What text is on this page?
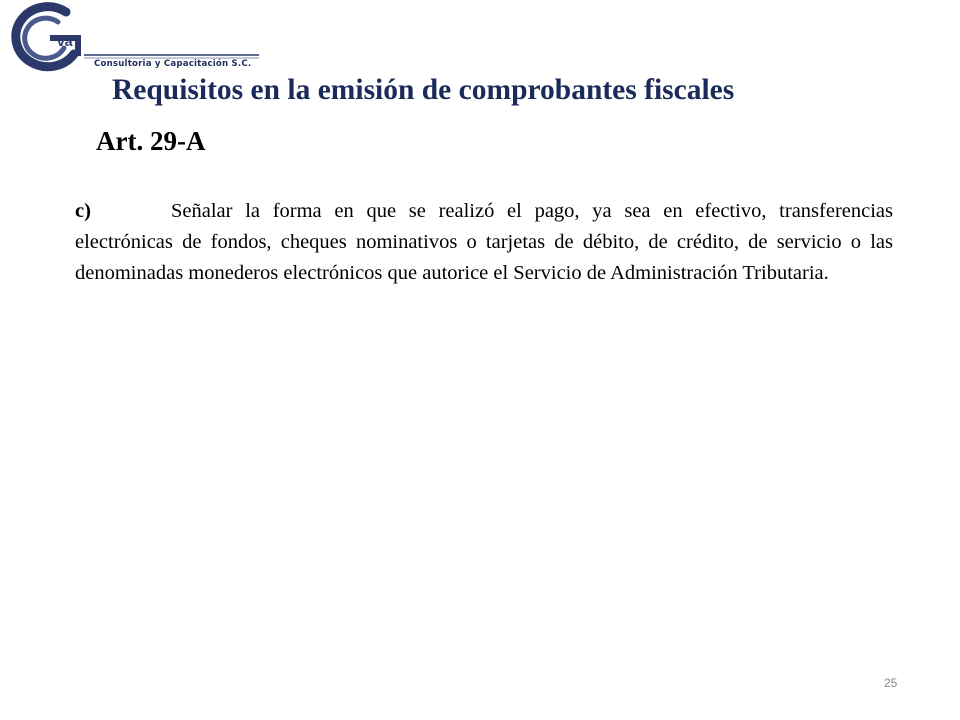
va
Consultoria y Capacitación S.C.
Requisitos en la emisión de comprobantes fiscales
Art. 29-A

c)	Señalar la forma en que se realizó el pago, ya sea en efectivo, transferencias electrónicas de fondos, cheques nominativos o tarjetas de débito, de crédito, de servicio o las denominadas monederos electrónicos que autorice el Servicio de Administración Tributaria.

25
